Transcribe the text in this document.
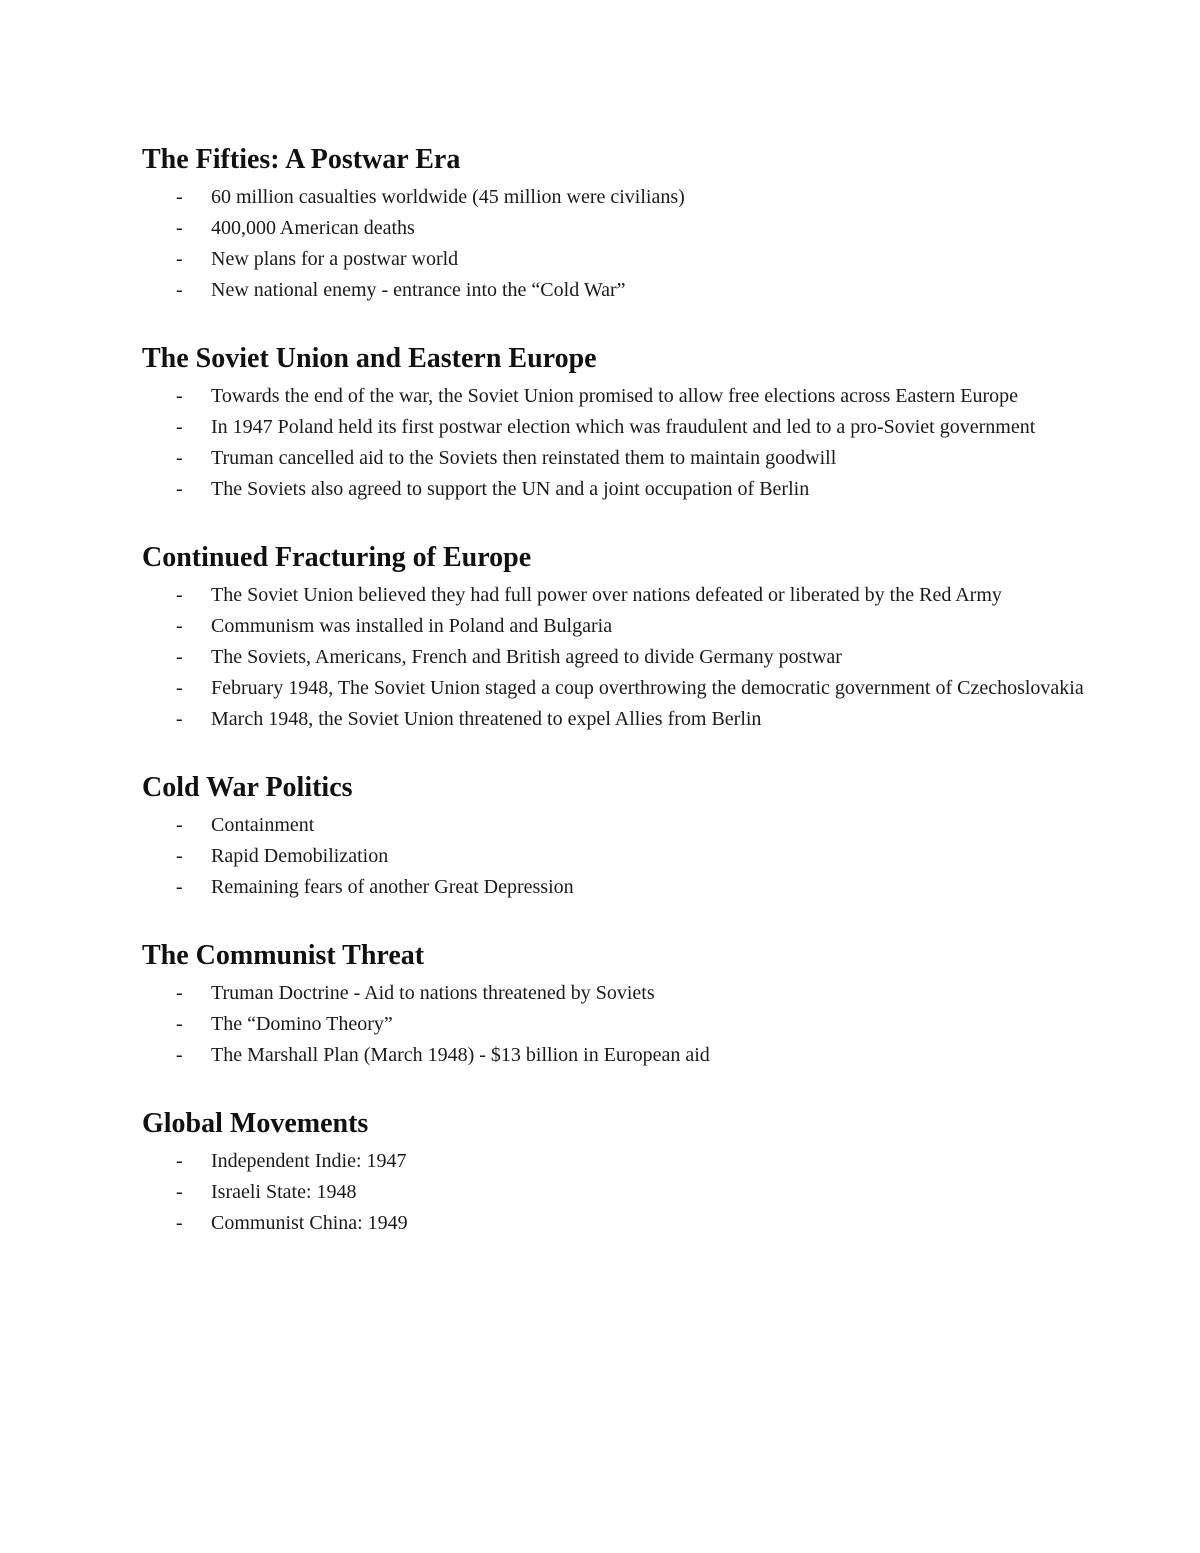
The Fifties: A Postwar Era
- 60 million casualties worldwide (45 million were civilians)
- 400,000 American deaths
- New plans for a postwar world
- New national enemy - entrance into the “Cold War”
The Soviet Union and Eastern Europe
- Towards the end of the war, the Soviet Union promised to allow free elections across Eastern Europe
- In 1947 Poland held its first postwar election which was fraudulent and led to a pro-Soviet government
- Truman cancelled aid to the Soviets then reinstated them to maintain goodwill
- The Soviets also agreed to support the UN and a joint occupation of Berlin
Continued Fracturing of Europe
- The Soviet Union believed they had full power over nations defeated or liberated by the Red Army
- Communism was installed in Poland and Bulgaria
- The Soviets, Americans, French and British agreed to divide Germany postwar
- February 1948, The Soviet Union staged a coup overthrowing the democratic government of Czechoslovakia
- March 1948, the Soviet Union threatened to expel Allies from Berlin
Cold War Politics
- Containment
- Rapid Demobilization
- Remaining fears of another Great Depression
The Communist Threat
- Truman Doctrine - Aid to nations threatened by Soviets
- The “Domino Theory”
- The Marshall Plan (March 1948) - $13 billion in European aid
Global Movements
- Independent Indie: 1947
- Israeli State: 1948
- Communist China: 1949
